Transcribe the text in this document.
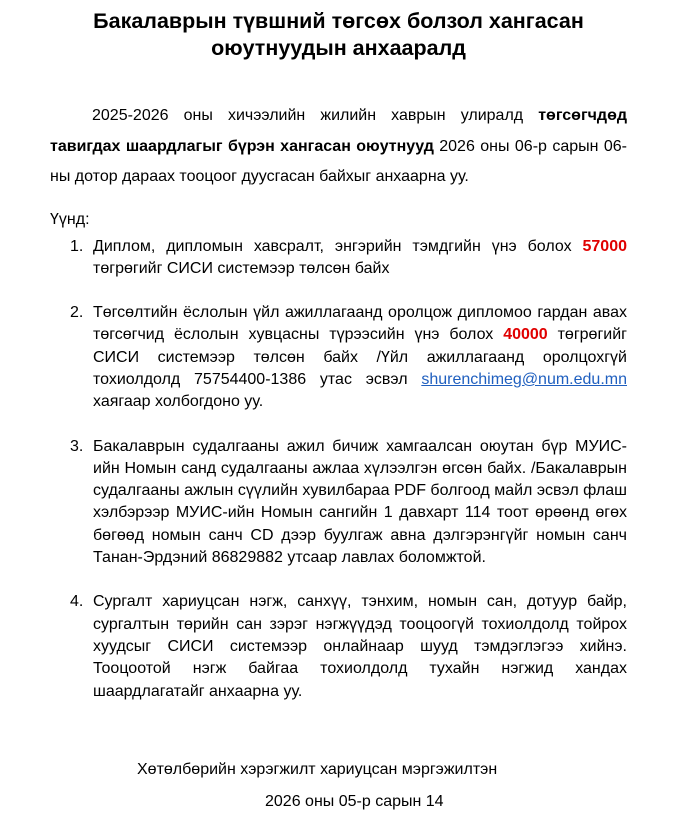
Бакалаврын түвшний төгсөх болзол хангасан оюутнуудын анхааралд

2025-2026 оны хичээлийн жилийн хаврын улиралд төгсөгчдөд тавигдах шаардлагыг бүрэн хангасан оюутнууд 2026 оны 06-р сарын 06-ны дотор дараах тооцоог дуусгасан байхыг анхаарна уу.

Үүнд:

1. Диплом, дипломын хавсралт, энгэрийн тэмдгийн үнэ болох 57000 төгрөгийг СИСИ системээр төлсөн байх
2. Төгсөлтийн ёслолын үйл ажиллагаанд оролцож дипломоо гардан авах төгсөгчид ёслолын хувцасны түрээсийн үнэ болох 40000 төгрөгийг СИСИ системээр төлсөн байх /Үйл ажиллагаанд оролцохгүй тохиолдолд 75754400-1386 утас эсвэл shurenchimeg@num.edu.mn хаягаар холбогдоно уу.
3. Бакалаврын судалгааны ажил бичиж хамгаалсан оюутан бүр МУИС-ийн Номын санд судалгааны ажлаа хүлээлгэн өгсөн байх. /Бакалаврын судалгааны ажлын сүүлийн хувилбараа PDF болгоод майл эсвэл флаш хэлбэрээр МУИС-ийн Номын сангийн 1 давхарт 114 тоот өрөөнд өгөх бөгөөд номын санч CD дээр буулгаж авна дэлгэрэнгүйг номын санч Танан-Эрдэний 86829882 утсаар лавлах боломжтой.
4. Сургалт хариуцсан нэгж, санхүү, тэнхим, номын сан, дотуур байр, сургалтын төрийн сан зэрэг нэгжүүдэд тооцоогүй тохиолдолд тойрох хуудсыг СИСИ системээр онлайнаар шууд тэмдэглэгээ хийнэ. Тооцоотой нэгж байгаа тохиолдолд тухайн нэгжид хандах шаардлагатайг анхаарна уу.
Хөтөлбөрийн хэрэгжилт хариуцсан мэргэжилтэн
2026 оны 05-р сарын 14
